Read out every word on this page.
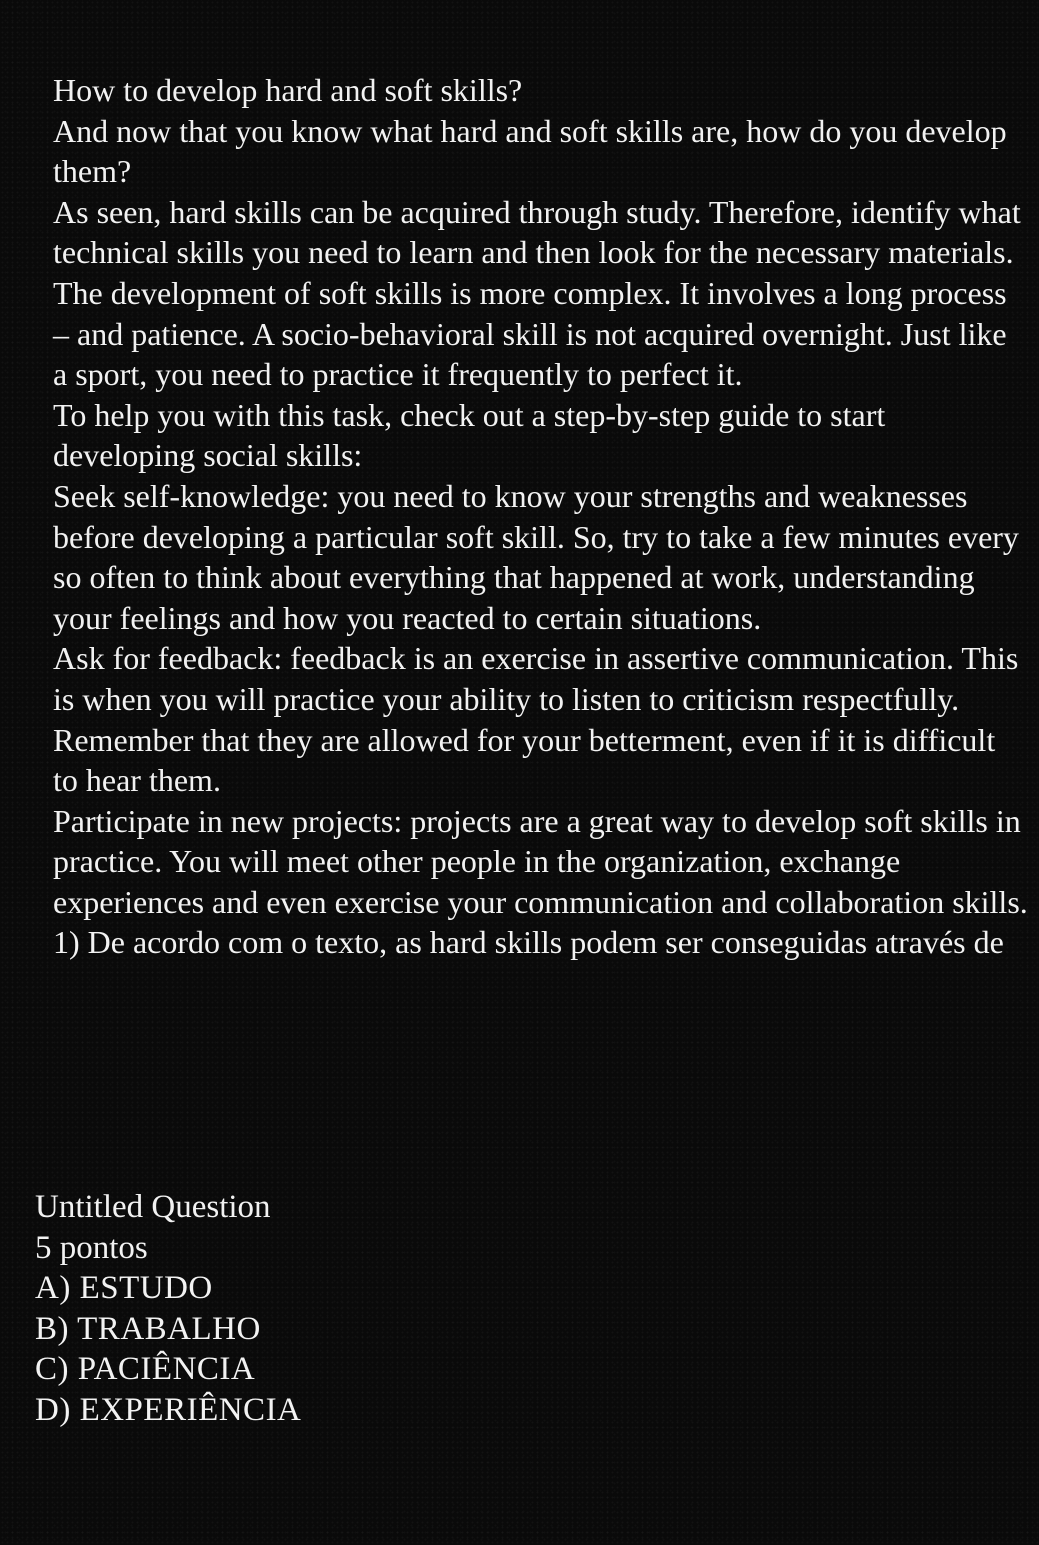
How to develop hard and soft skills?

And now that you know what hard and soft skills are, how do you develop them?

As seen, hard skills can be acquired through study. Therefore, identify what technical skills you need to learn and then look for the necessary materials.

The development of soft skills is more complex. It involves a long process – and patience. A socio-behavioral skill is not acquired overnight. Just like a sport, you need to practice it frequently to perfect it.

To help you with this task, check out a step-by-step guide to start developing social skills:

Seek self-knowledge: you need to know your strengths and weaknesses before developing a particular soft skill. So, try to take a few minutes every so often to think about everything that happened at work, understanding your feelings and how you reacted to certain situations.

Ask for feedback: feedback is an exercise in assertive communication. This is when you will practice your ability to listen to criticism respectfully. Remember that they are allowed for your betterment, even if it is difficult to hear them.

Participate in new projects: projects are a great way to develop soft skills in practice. You will meet other people in the organization, exchange experiences and even exercise your communication and collaboration skills.

1) De acordo com o texto, as hard skills podem ser conseguidas através de

Untitled Question

5 pontos

A) ESTUDO
B) TRABALHO
C) PACIÊNCIA
D) EXPERIÊNCIA
